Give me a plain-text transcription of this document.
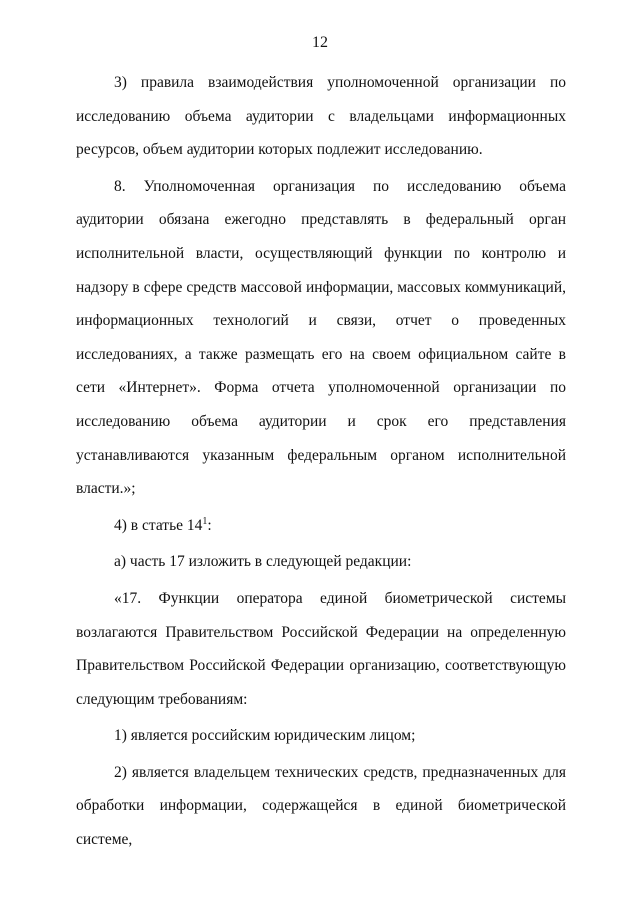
12

3) правила взаимодействия уполномоченной организации по исследованию объема аудитории с владельцами информационных ресурсов, объем аудитории которых подлежит исследованию.

8. Уполномоченная организация по исследованию объема аудитории обязана ежегодно представлять в федеральный орган исполнительной власти, осуществляющий функции по контролю и надзору в сфере средств массовой информации, массовых коммуникаций, информационных технологий и связи, отчет о проведенных исследованиях, а также размещать его на своем официальном сайте в сети «Интернет». Форма отчета уполномоченной организации по исследованию объема аудитории и срок его представления устанавливаются указанным федеральным органом исполнительной власти.»;

4) в статье $14^1$:

а) часть 17 изложить в следующей редакции:

«17. Функции оператора единой биометрической системы возлагаются Правительством Российской Федерации на определенную Правительством Российской Федерации организацию, соответствующую следующим требованиям:

1) является российским юридическим лицом;

2) является владельцем технических средств, предназначенных для обработки информации, содержащейся в единой биометрической системе,
